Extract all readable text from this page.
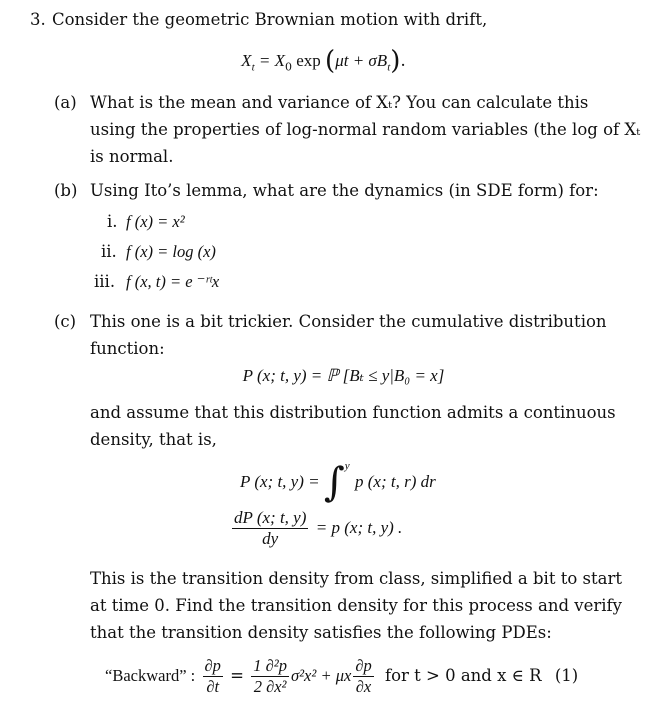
3. Consider the geometric Brownian motion with drift,
$X_t = X_0$ $\exp (\mu t + \sigma B_t)$.
(a) What is the mean and variance of Xₜ? You can calculate this
using the properties of log-normal random variables (the log of Xₜ
is normal.
(b) Using Ito’s lemma, what are the dynamics (in SDE form) for:
i. f (x) = x²
ii. f (x) = log (x)
iii. f (x, t) = e ⁻ʳᵗx
(c) This one is a bit trickier. Consider the cumulative distribution
function:
P (x; t, y) = ℙ [Bₜ ≤ y|B₀ = x]
and assume that this distribution function admits a continuous
density, that is,
P (x; t, y) = ∫$^y$ p (x; t, r) dr
$\frac{dP (x; t, y)}{dy} = p$ (x; t, y) .
This is the transition density from class, simplified a bit to start
at time 0. Find the transition density for this process and verify
that the transition density satisfies the following PDEs:
“Backward” : $\frac{\partial p}{\partial t} = \frac{\text{1 ∂²p}}{\text{2 ∂x²}} \sigma^2x^2 + \mu x \frac{\partial p}{\partial x}$ for t > 0 and x ∈ R (1)
